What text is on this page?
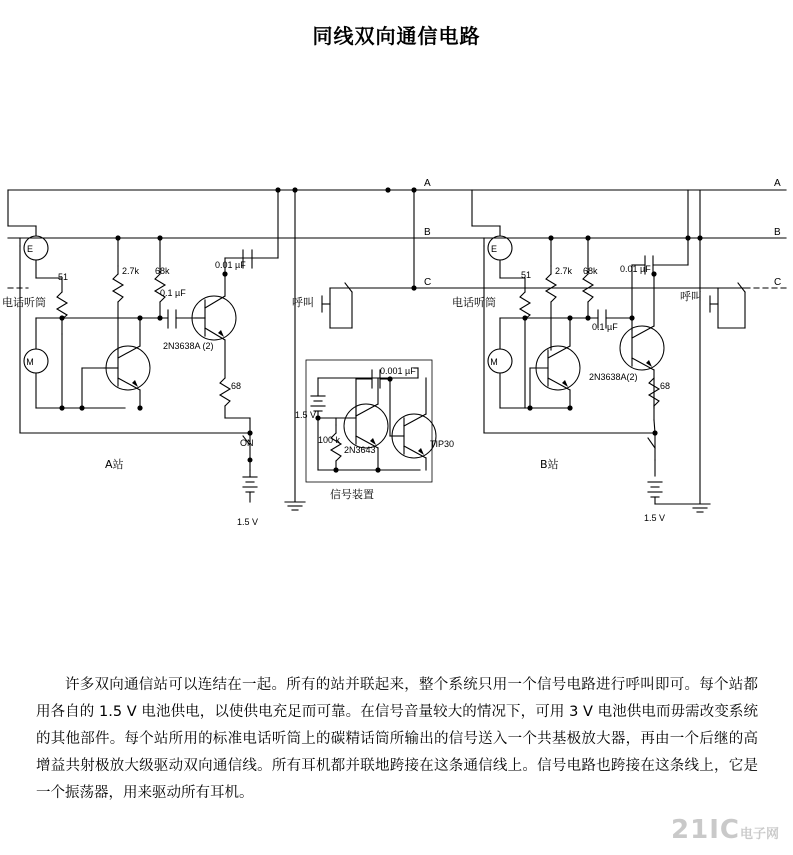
同线双向通信电路
A
B
C
A
B
C
E
M
电话听筒
51
2.7k 68k
0.01 µF
0.1 µF
2N3638A (2)
68
ON
1.5 V
A站
呼叫
1.5 V
100 k
0.001 µF
2N3643
TIP30
信号装置
E
M
电话听筒
51	2.7k 68k 0.01 µF
0.1 µF
2N3638A(2)
68
1.5 V
B站
呼叫
许多双向通信站可以连结在一起。所有的站并联起来，整个系统只用一个信号电路进行呼叫即可。每个站都用各自的 1.5 V 电池供电，以使供电充足而可靠。在信号音量较大的情况下，可用 3 V 电池供电而毋需改变系统的其他部件。每个站所用的标准电话听筒上的碳精话筒所输出的信号送入一个共基极放大器，再由一个后继的高增益共射极放大级驱动双向通信线。所有耳机都并联地跨接在这条通信线上。信号电路也跨接在这条线上，它是一个振荡器，用来驱动所有耳机。
21IC电子网
